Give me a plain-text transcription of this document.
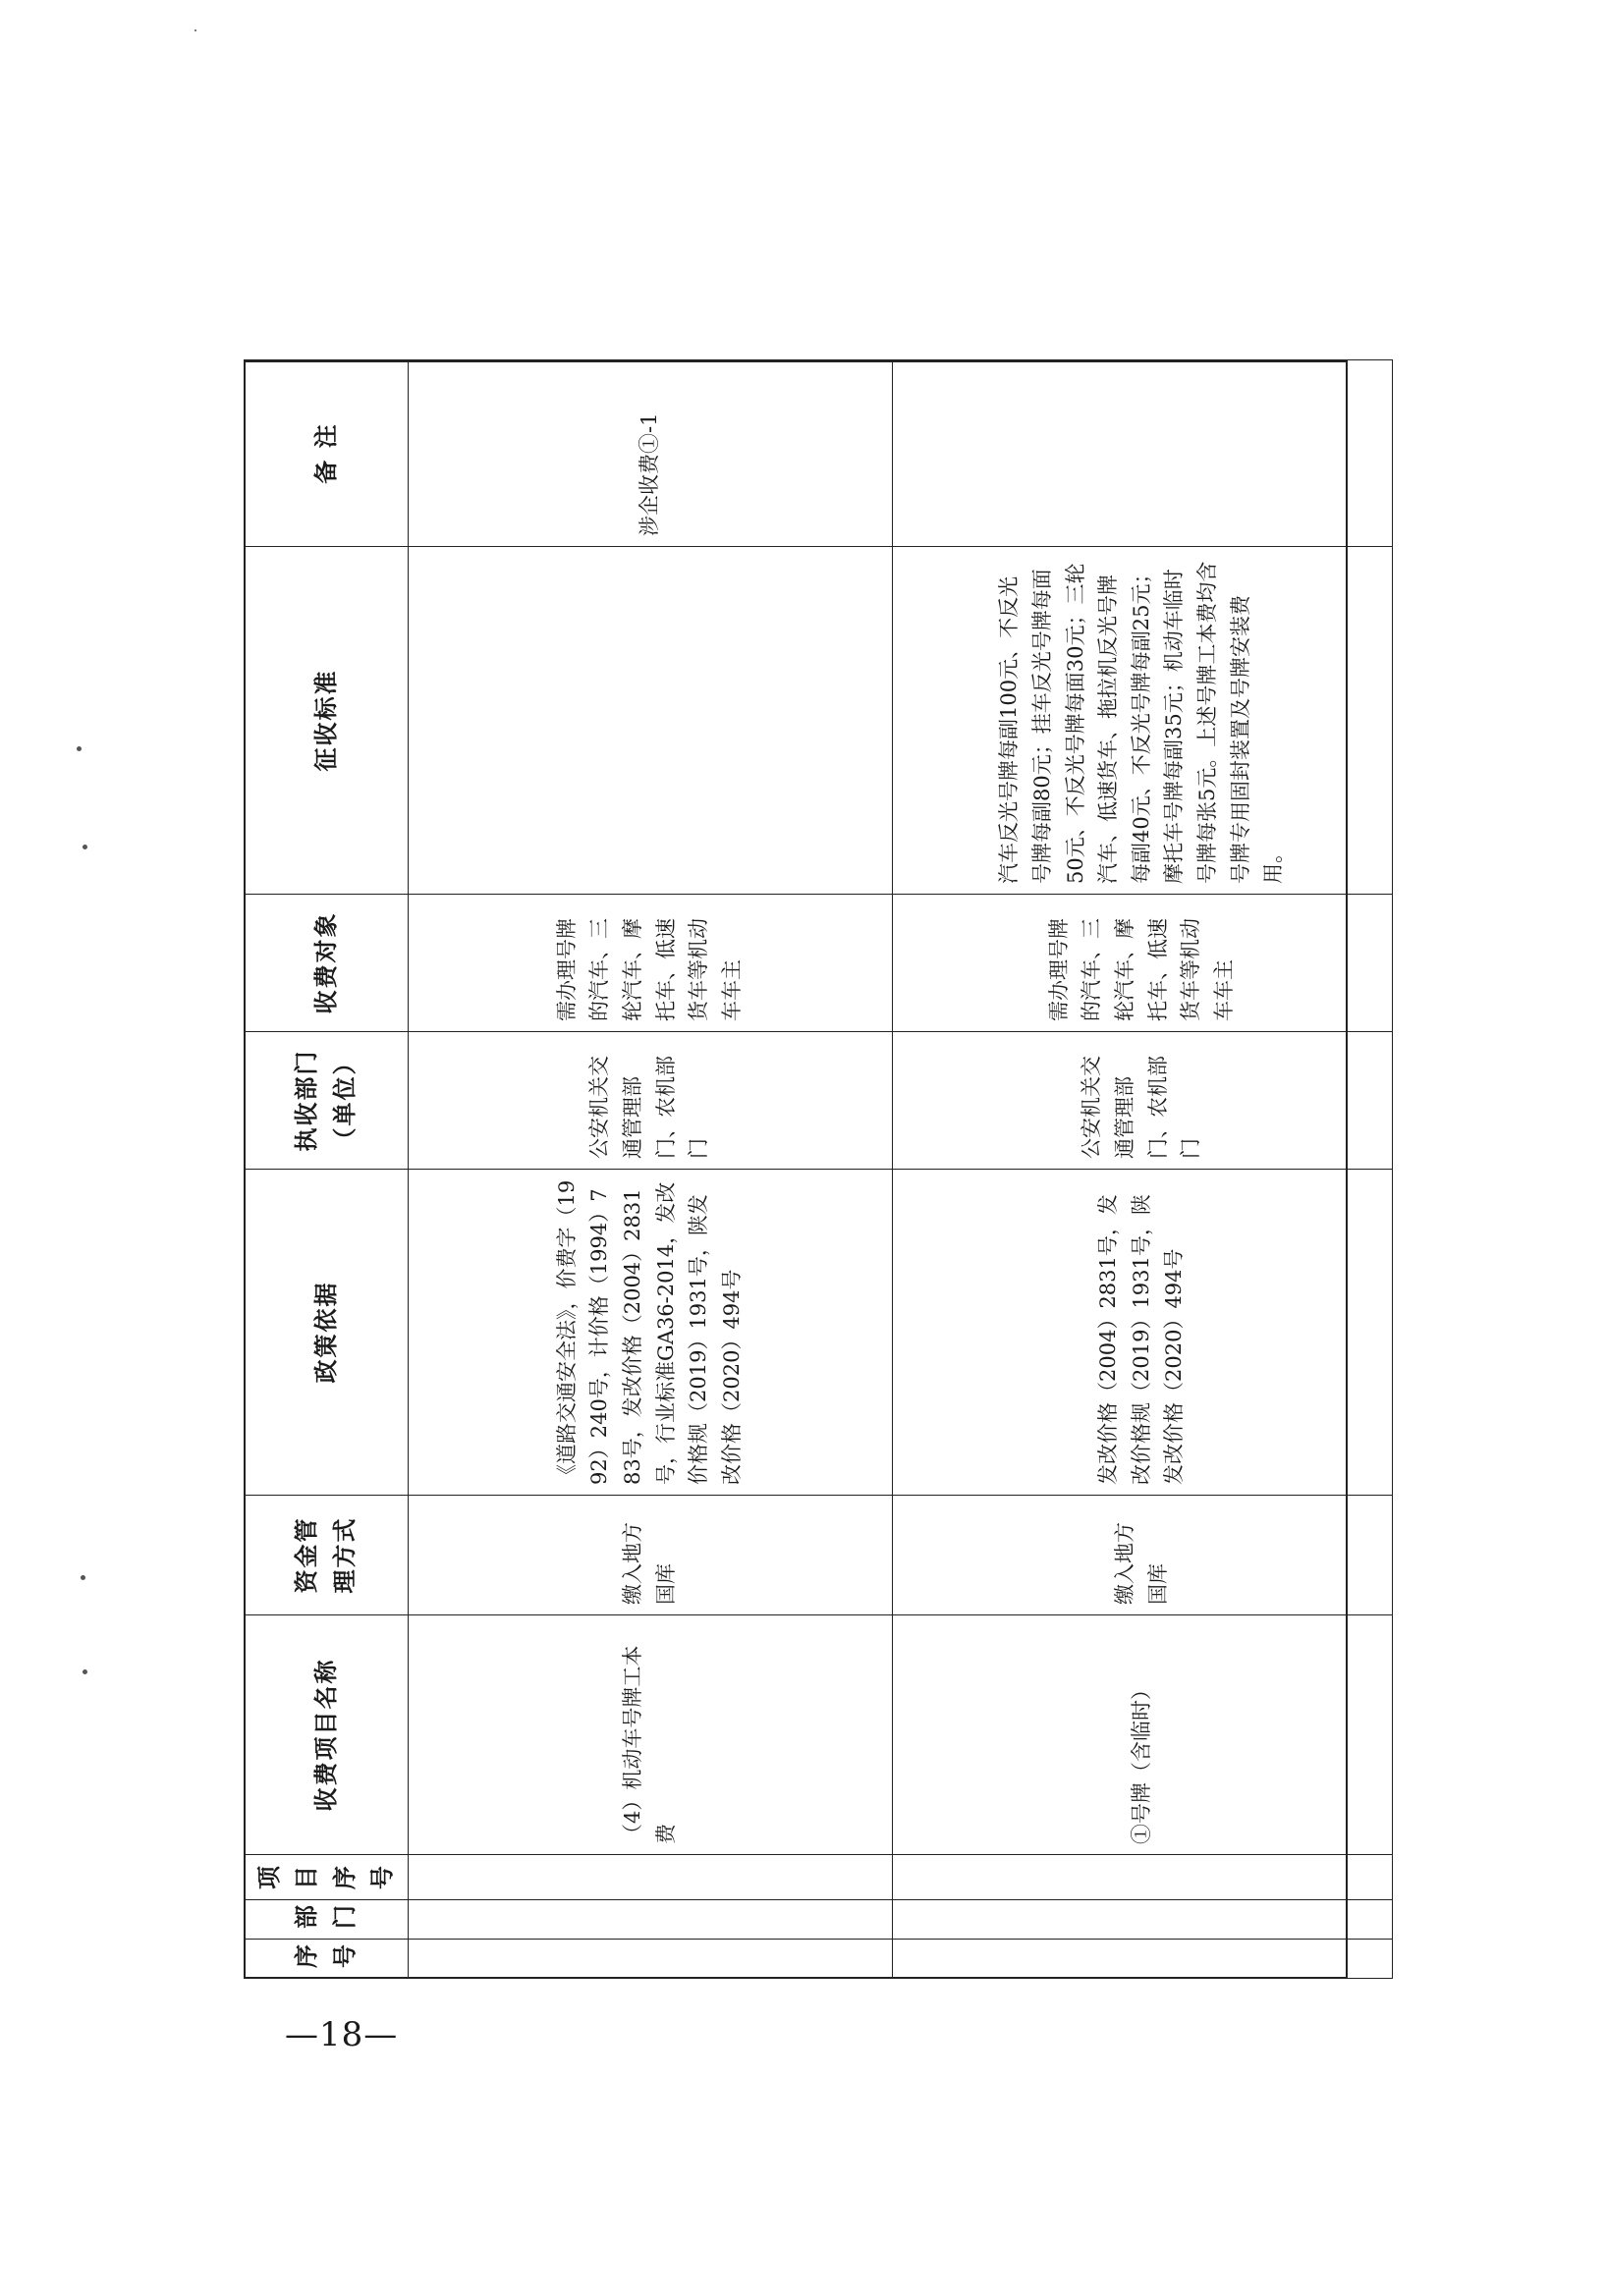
序号	部门	项目序号	收费项目名称	资金管理方式	政策依据	执收部门（单位）	收费对象	征收标准	备 注
			（4）机动车号牌工本费	缴入地方国库	《道路交通安全法》，价费字（1992）240号，计价格（1994）783号，发改价格（2004）2831号，行业标准GA36-2014，发改价格规（2019）1931号，陕发改价格（2020）494号	公安机关交通管理部门、农机部门	需办理号牌的汽车、三轮汽车、摩托车、低速货车等机动车车主		涉企收费①-1
			①号牌（含临时）	缴入地方国库	发改价格（2004）2831号，发改价格规（2019）1931号，陕发改价格（2020）494号	公安机关交通管理部门、农机部门	需办理号牌的汽车、三轮汽车、摩托车、低速货车等机动车车主	汽车反光号牌每副100元、不反光号牌每副80元；挂车反光号牌每面50元、不反光号牌每面30元；三轮汽车、低速货车、拖拉机反光号牌每副40元、不反光号牌每副25元；摩托车号牌每副35元；机动车临时号牌每张5元。上述号牌工本费均含号牌专用固封装置及号牌安装费用。	
—18—
